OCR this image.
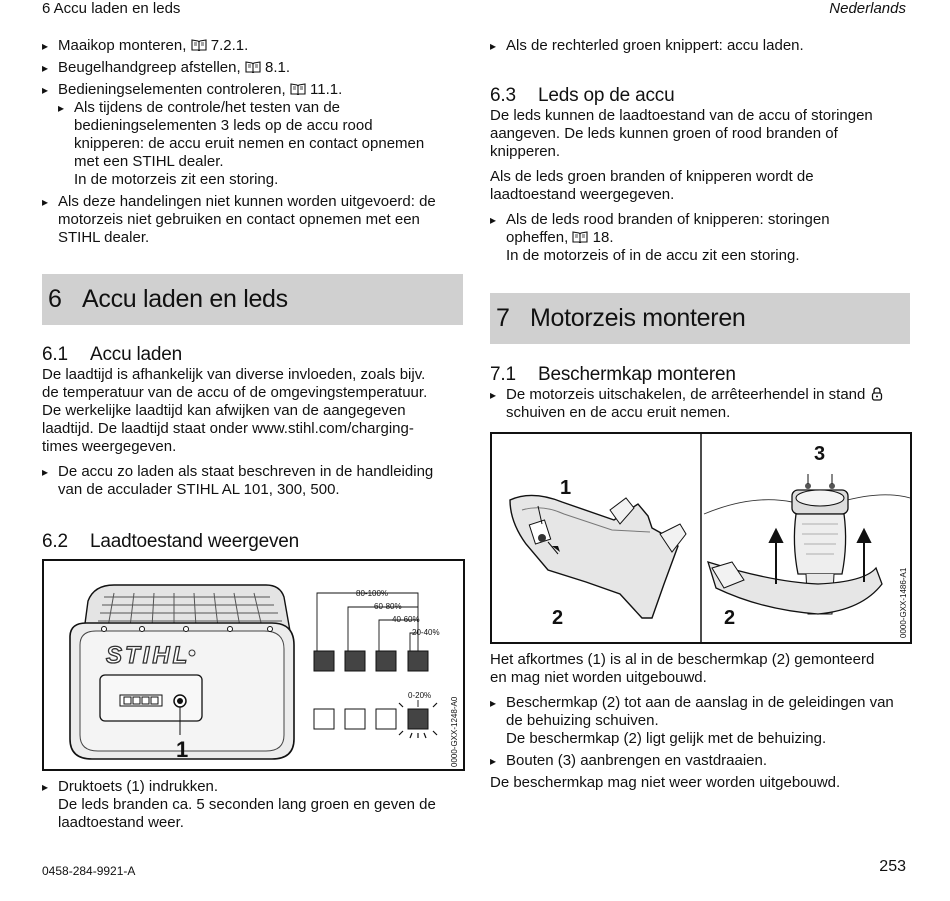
6 Accu laden en leds	Nederlands

▸ Maaikop monteren, 7.2.1.

▸ Beugelhandgreep afstellen, 8.1.

▸ Bedieningselementen controleren, 11.1.

▸ Als tijdens de controle/het testen van de

bedieningselementen 3 leds op de accu rood

knipperen: de accu eruit nemen en contact opnemen

met een STIHL dealer.

In de motorzeis zit een storing.

▸ Als deze handelingen niet kunnen worden uitgevoerd: de

motorzeis niet gebruiken en contact opnemen met een

STIHL dealer.

6 Accu laden en leds

6.1 Accu laden

De laadtijd is afhankelijk van diverse invloeden, zoals bijv.

de temperatuur van de accu of de omgevingstemperatuur.

De werkelijke laadtijd kan afwijken van de aangegeven

laadtijd. De laadtijd staat onder www.stihl.com/charging-

times weergegeven.

▸ De accu zo laden als staat beschreven in de handleiding

van de acculader STIHL AL 101, 300, 500.

6.2 Laadtoestand weergeven

STIHL
1
80-100%
60-80%
40-60%
20-40%
0-20%
0000-GXX-1248-A0

▸ Druktoets (1) indrukken.

De leds branden ca. 5 seconden lang groen en geven de

laadtoestand weer.

▸ Als de rechterled groen knippert: accu laden.

6.3 Leds op de accu

De leds kunnen de laadtoestand van de accu of storingen

aangeven. De leds kunnen groen of rood branden of

knipperen.

Als de leds groen branden of knipperen wordt de

laadtoestand weergegeven.

▸ Als de leds rood branden of knipperen: storingen

opheffen, 18.

In de motorzeis of in de accu zit een storing.

7 Motorzeis monteren

7.1 Beschermkap monteren

▸ De motorzeis uitschakelen, de arrêteerhendel in stand

schuiven en de accu eruit nemen.

1
2
3
2	0000-GXX-1486-A1

Het afkortmes (1) is al in de beschermkap (2) gemonteerd

en mag niet worden uitgebouwd.

▸ Beschermkap (2) tot aan de aanslag in de geleidingen van

de behuizing schuiven.

De beschermkap (2) ligt gelijk met de behuizing.

▸ Bouten (3) aanbrengen en vastdraaien.

De beschermkap mag niet weer worden uitgebouwd.

0458-284-9921-A	253
